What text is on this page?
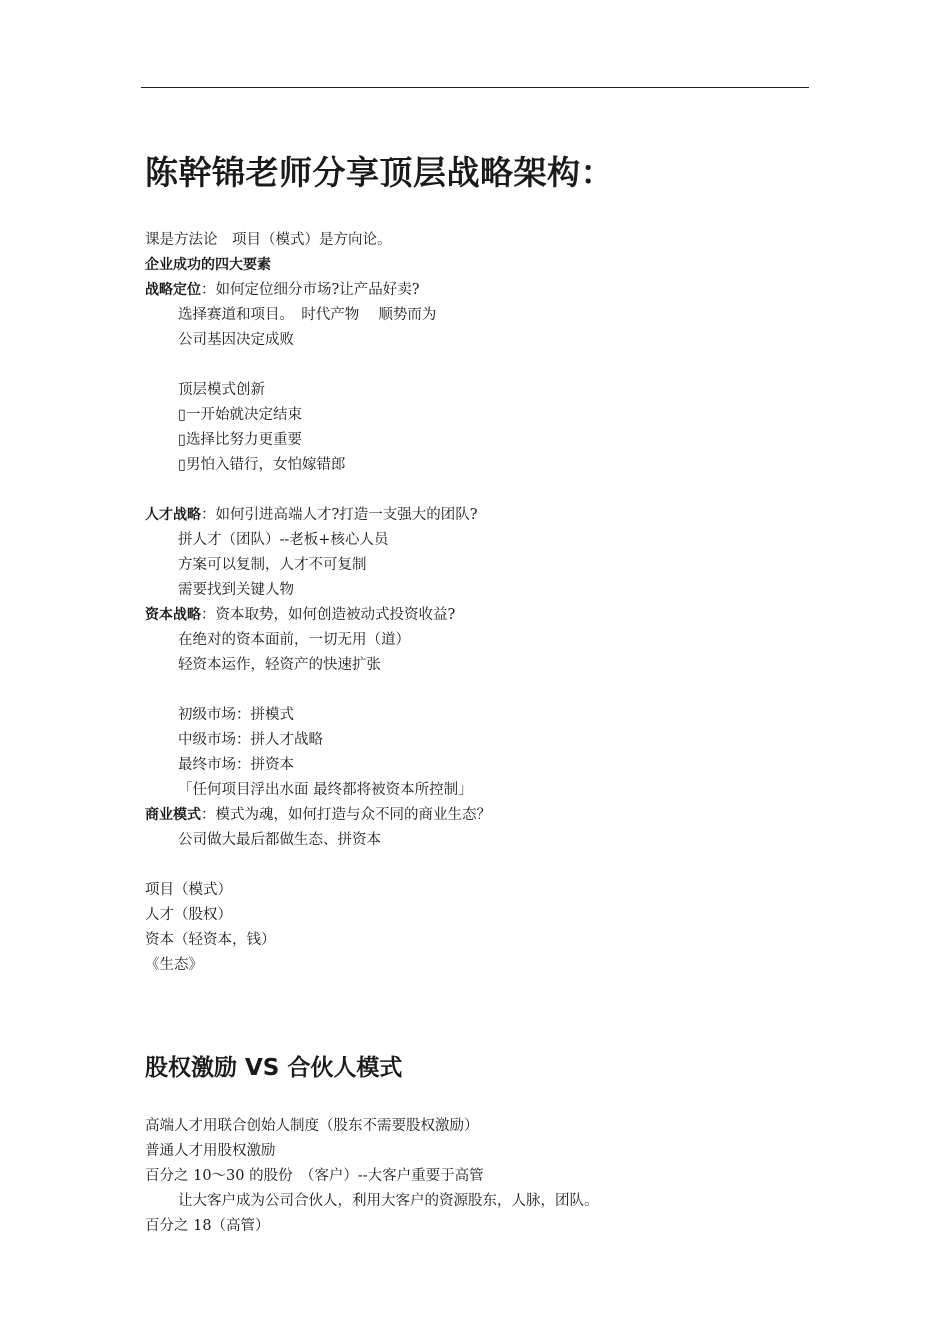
陈幹锦老师分享顶层战略架构：
课是方法论　项目（模式）是方向论。
企业成功的四大要素
战略定位：如何定位细分市场?让产品好卖?
选择赛道和项目。　时代产物　 顺势而为
公司基因决定成败
顶层模式创新
▯一开始就决定结束
▯选择比努力更重要
▯男怕入错行，女怕嫁错郎
人才战略：如何引进高端人才?打造一支强大的团队?
拼人才（团队）--老板+核心人员
方案可以复制，人才不可复制
需要找到关键人物
资本战略：资本取势，如何创造被动式投资收益?
在绝对的资本面前，一切无用（道）
轻资本运作，轻资产的快速扩张
初级市场：拼模式
中级市场：拼人才战略
最终市场：拼资本
「任何项目浮出水面 最终都将被资本所控制」
商业模式：模式为魂，如何打造与众不同的商业生态？
公司做大最后都做生态、拼资本
项目（模式）
人才（股权）
资本（轻资本，钱）
《生态》
股权激励 VS 合伙人模式
高端人才用联合创始人制度（股东不需要股权激励）
普通人才用股权激励
百分之 10～30 的股份　（客户）--大客户重要于高管
让大客户成为公司合伙人，利用大客户的资源股东，人脉，团队。
百分之 18（高管）
